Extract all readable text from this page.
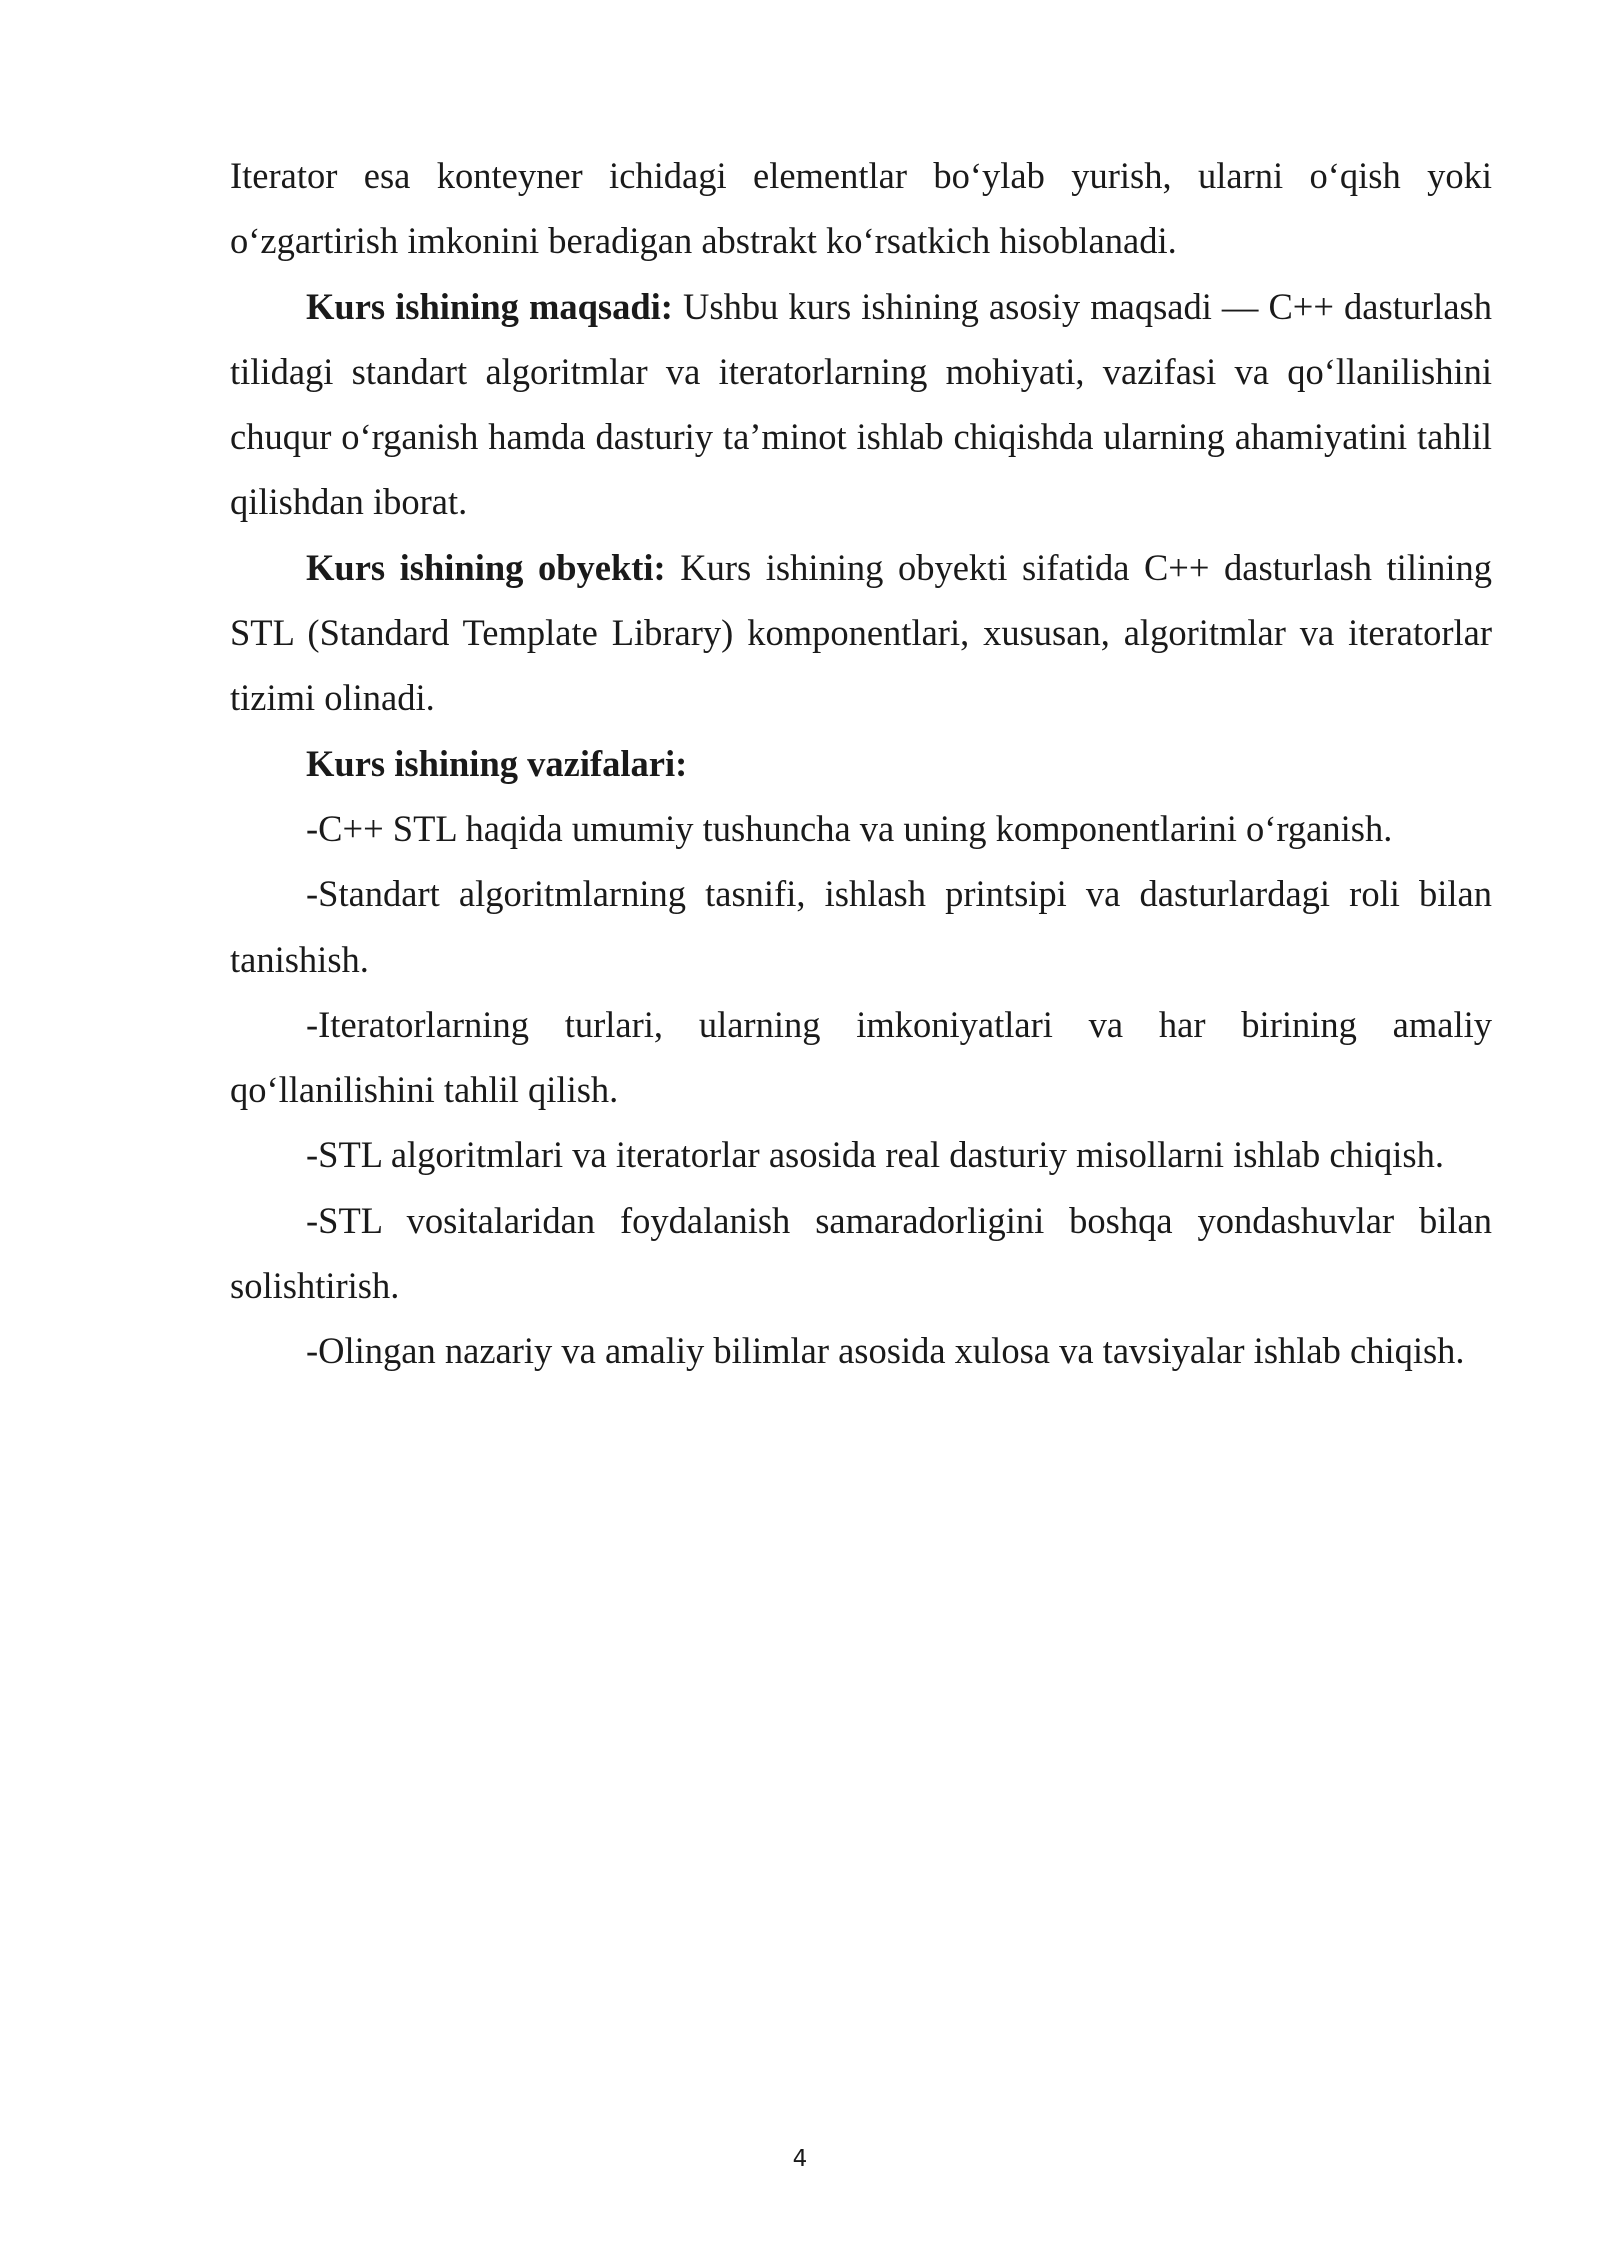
Iterator esa konteyner ichidagi elementlar bo‘ylab yurish, ularni o‘qish yoki o‘zgartirish imkonini beradigan abstrakt ko‘rsatkich hisoblanadi.

Kurs ishining maqsadi: Ushbu kurs ishining asosiy maqsadi — C++ dasturlash tilidagi standart algoritmlar va iteratorlarning mohiyati, vazifasi va qo‘llanilishini chuqur o‘rganish hamda dasturiy ta’minot ishlab chiqishda ularning ahamiyatini tahlil qilishdan iborat.

Kurs ishining obyekti: Kurs ishining obyekti sifatida C++ dasturlash tilining STL (Standard Template Library) komponentlari, xususan, algoritmlar va iteratorlar tizimi olinadi.

Kurs ishining vazifalari:

-C++ STL haqida umumiy tushuncha va uning komponentlarini o‘rganish.

-Standart algoritmlarning tasnifi, ishlash printsipi va dasturlardagi roli bilan tanishish.

-Iteratorlarning turlari, ularning imkoniyatlari va har birining amaliy qo‘llanilishini tahlil qilish.

-STL algoritmlari va iteratorlar asosida real dasturiy misollarni ishlab chiqish.

-STL vositalaridan foydalanish samaradorligini boshqa yondashuvlar bilan solishtirish.

-Olingan nazariy va amaliy bilimlar asosida xulosa va tavsiyalar ishlab chiqish.

4
